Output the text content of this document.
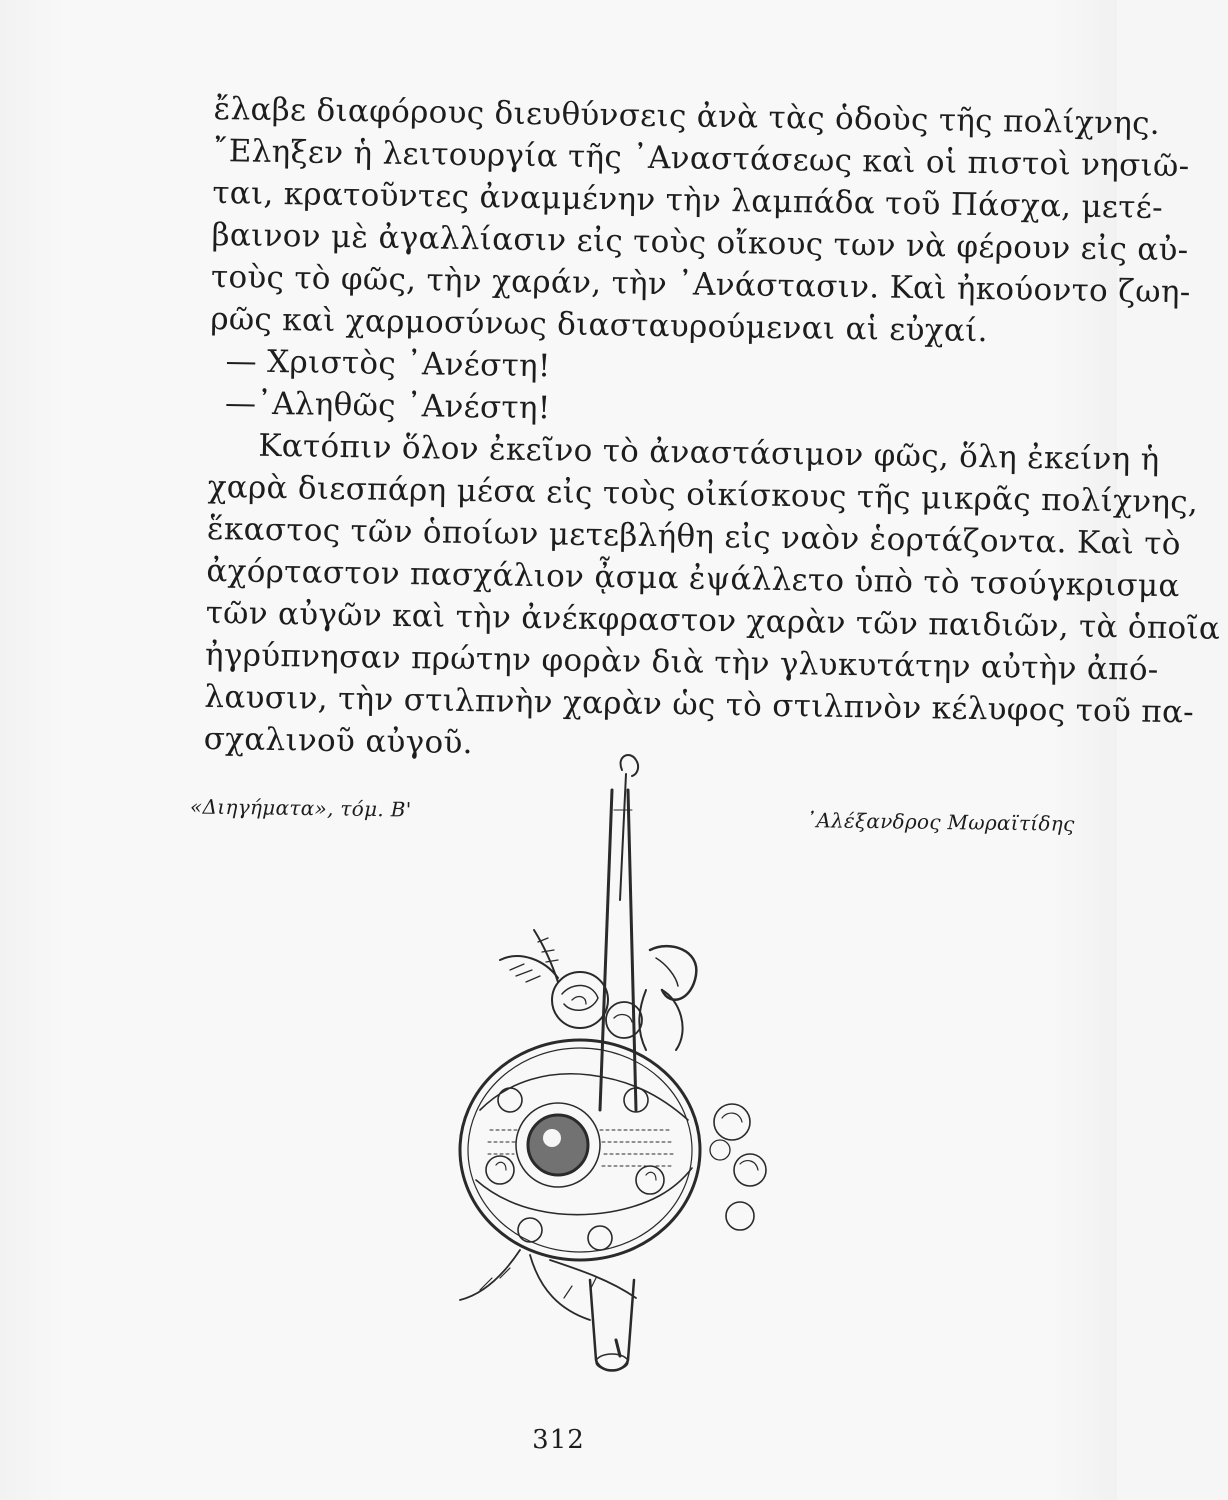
ἔλαβε διαφόρους διευθύνσεις ἀνὰ τὰς ὁδοὺς τῆς πολίχνης.
῎Εληξεν ἡ λειτουργία τῆς ᾿Αναστάσεως καὶ οἱ πιστοὶ νησιῶ-
ται, κρατοῦντες ἀναμμένην τὴν λαμπάδα τοῦ Πάσχα, μετέ-
βαινον μὲ ἀγαλλίασιν εἰς τοὺς οἴκους των νὰ φέρουν εἰς αὐ-
τοὺς τὸ φῶς, τὴν χαράν, τὴν ᾿Ανάστασιν. Καὶ ἠκούοντο ζωη-
ρῶς καὶ χαρμοσύνως διασταυρούμεναι αἱ εὐχαί.
— Χριστὸς ᾿Ανέστη!
—᾿Αληθῶς ᾿Ανέστη!
Κατόπιν ὅλον ἐκεῖνο τὸ ἀναστάσιμον φῶς, ὅλη ἐκείνη ἡ
χαρὰ διεσπάρη μέσα εἰς τοὺς οἰκίσκους τῆς μικρᾶς πολίχνης,
ἕκαστος τῶν ὁποίων μετεβλήθη εἰς ναὸν ἑορτάζοντα. Καὶ τὸ
ἀχόρταστον πασχάλιον ᾆσμα ἐψάλλετο ὑπὸ τὸ τσούγκρισμα
τῶν αὐγῶν καὶ τὴν ἀνέκφραστον χαρὰν τῶν παιδιῶν, τὰ ὁποῖα
ἠγρύπνησαν πρώτην φορὰν διὰ τὴν γλυκυτάτην αὐτὴν ἀπό-
λαυσιν, τὴν στιλπνὴν χαρὰν ὡς τὸ στιλπνὸν κέλυφος τοῦ πα-
σχαλινοῦ αὐγοῦ.
«Διηγήματα», τόμ. Β'
᾿Αλέξανδρος Μωραϊτίδης
312
